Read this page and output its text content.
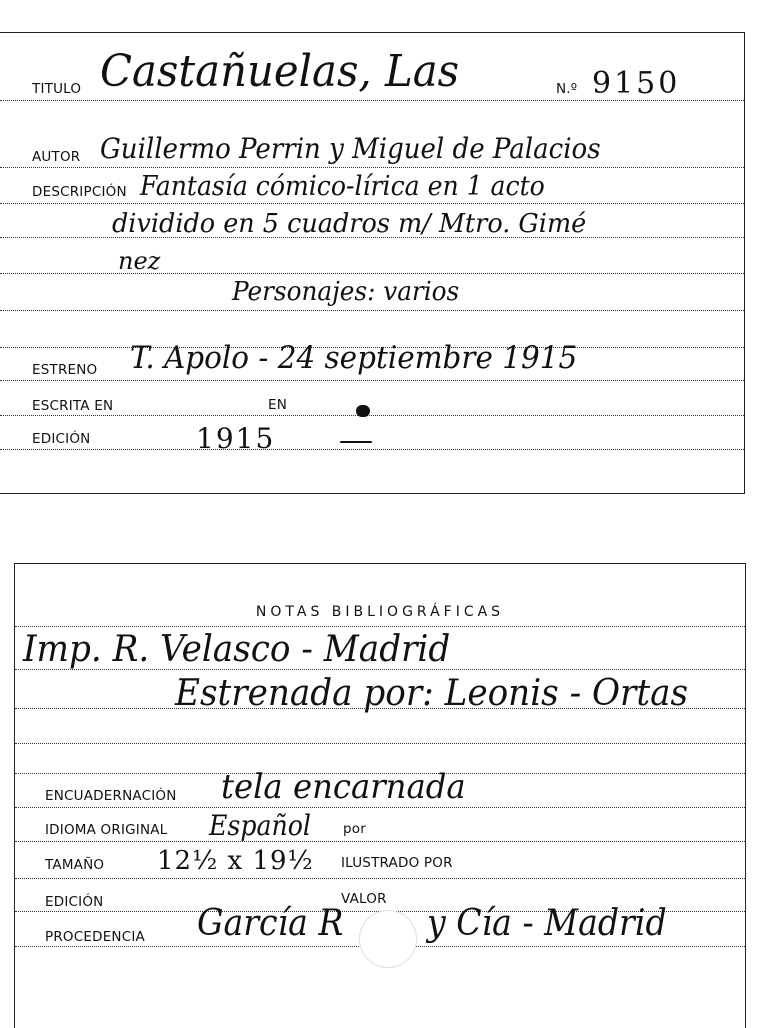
TITULO Castañuelas, Las	N.º 9150
AUTOR Guillermo Perrin y Miguel de Palacios
DESCRIPCIÓN Fantasía cómico-lírica en 1 acto
dividido en 5 cuadros m/ Mtro. Gimé
nez
Personajes: varios
ESTRENO T. Apolo - 24 septiembre 1915
ESCRITA EN	EN
EDICIÓN	1915
NOTAS BIBLIOGRÁFICAS
Imp. R. Velasco - Madrid
Estrenada por: Leonis - Ortas
ENCUADERNACIÓN tela encarnada
IDIOMA ORIGINAL Español por
TAMAÑO 12½ x 19½ ILUSTRADO POR
EDICIÓN	VALOR
PROCEDENCIA García R y Cía - Madrid
